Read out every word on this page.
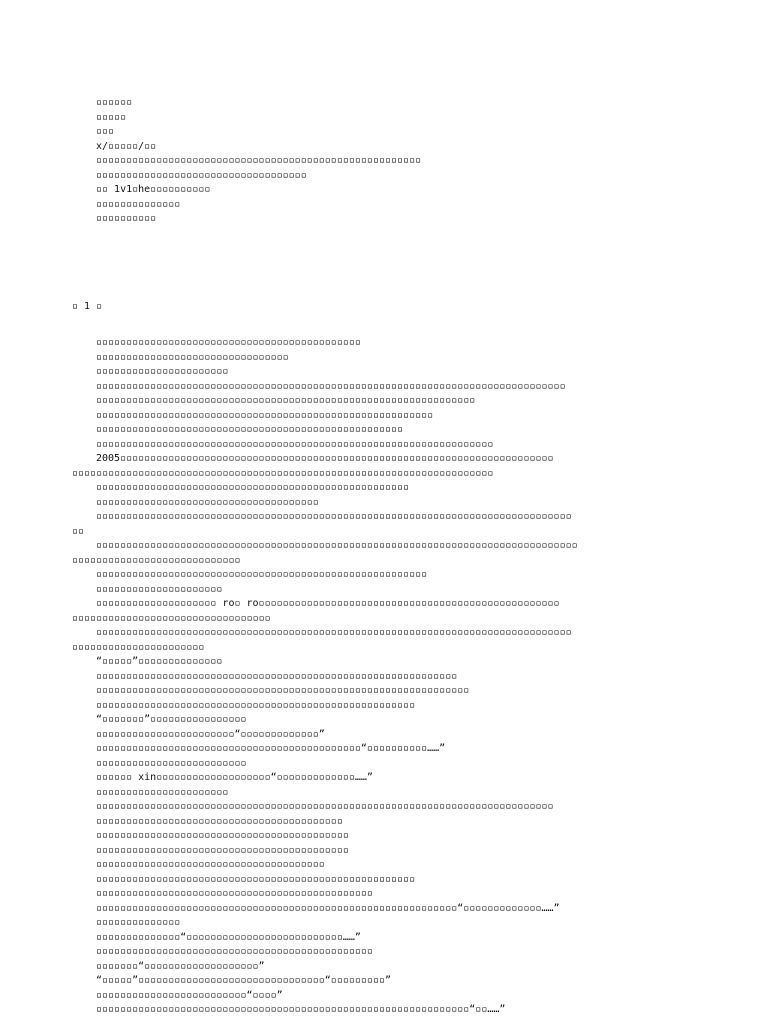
▫▫▫▫▫▫
▫▫▫▫▫
▫▫▫
x/▫▫▫▫▫/▫▫
▫▫▫▫▫▫▫▫▫▫▫▫▫▫▫▫▫▫▫▫▫▫▫▫▫▫▫▫▫▫▫▫▫▫▫▫▫▫▫▫▫▫▫▫▫▫▫▫▫▫▫▫▫▫
▫▫▫▫▫▫▫▫▫▫▫▫▫▫▫▫▫▫▫▫▫▫▫▫▫▫▫▫▫▫▫▫▫▫▫
▫▫ 1v1▫he▫▫▫▫▫▫▫▫▫▫
▫▫▫▫▫▫▫▫▫▫▫▫▫▫
▫▫▫▫▫▫▫▫▫▫

▫ 1 ▫

▫▫▫▫▫▫▫▫▫▫▫▫▫▫▫▫▫▫▫▫▫▫▫▫▫▫▫▫▫▫▫▫▫▫▫▫▫▫▫▫▫▫▫▫
▫▫▫▫▫▫▫▫▫▫▫▫▫▫▫▫▫▫▫▫▫▫▫▫▫▫▫▫▫▫▫▫
▫▫▫▫▫▫▫▫▫▫▫▫▫▫▫▫▫▫▫▫▫▫
▫▫▫▫▫▫▫▫▫▫▫▫▫▫▫▫▫▫▫▫▫▫▫▫▫▫▫▫▫▫▫▫▫▫▫▫▫▫▫▫▫▫▫▫▫▫▫▫▫▫▫▫▫▫▫▫▫▫▫▫▫▫▫▫▫▫▫▫▫▫▫▫▫▫▫▫▫▫
▫▫▫▫▫▫▫▫▫▫▫▫▫▫▫▫▫▫▫▫▫▫▫▫▫▫▫▫▫▫▫▫▫▫▫▫▫▫▫▫▫▫▫▫▫▫▫▫▫▫▫▫▫▫▫▫▫▫▫▫▫▫▫
▫▫▫▫▫▫▫▫▫▫▫▫▫▫▫▫▫▫▫▫▫▫▫▫▫▫▫▫▫▫▫▫▫▫▫▫▫▫▫▫▫▫▫▫▫▫▫▫▫▫▫▫▫▫▫▫
▫▫▫▫▫▫▫▫▫▫▫▫▫▫▫▫▫▫▫▫▫▫▫▫▫▫▫▫▫▫▫▫▫▫▫▫▫▫▫▫▫▫▫▫▫▫▫▫▫▫▫
▫▫▫▫▫▫▫▫▫▫▫▫▫▫▫▫▫▫▫▫▫▫▫▫▫▫▫▫▫▫▫▫▫▫▫▫▫▫▫▫▫▫▫▫▫▫▫▫▫▫▫▫▫▫▫▫▫▫▫▫▫▫▫▫▫▫
2005▫▫▫▫▫▫▫▫▫▫▫▫▫▫▫▫▫▫▫▫▫▫▫▫▫▫▫▫▫▫▫▫▫▫▫▫▫▫▫▫▫▫▫▫▫▫▫▫▫▫▫▫▫▫▫▫▫▫▫▫▫▫▫▫▫▫▫▫▫▫▫▫
▫▫▫▫▫▫▫▫▫▫▫▫▫▫▫▫▫▫▫▫▫▫▫▫▫▫▫▫▫▫▫▫▫▫▫▫▫▫▫▫▫▫▫▫▫▫▫▫▫▫▫▫▫▫▫▫▫▫▫▫▫▫▫▫▫▫▫▫▫▫
▫▫▫▫▫▫▫▫▫▫▫▫▫▫▫▫▫▫▫▫▫▫▫▫▫▫▫▫▫▫▫▫▫▫▫▫▫▫▫▫▫▫▫▫▫▫▫▫▫▫▫▫
▫▫▫▫▫▫▫▫▫▫▫▫▫▫▫▫▫▫▫▫▫▫▫▫▫▫▫▫▫▫▫▫▫▫▫▫▫
▫▫▫▫▫▫▫▫▫▫▫▫▫▫▫▫▫▫▫▫▫▫▫▫▫▫▫▫▫▫▫▫▫▫▫▫▫▫▫▫▫▫▫▫▫▫▫▫▫▫▫▫▫▫▫▫▫▫▫▫▫▫▫▫▫▫▫▫▫▫▫▫▫▫▫▫▫▫▫
▫▫
▫▫▫▫▫▫▫▫▫▫▫▫▫▫▫▫▫▫▫▫▫▫▫▫▫▫▫▫▫▫▫▫▫▫▫▫▫▫▫▫▫▫▫▫▫▫▫▫▫▫▫▫▫▫▫▫▫▫▫▫▫▫▫▫▫▫▫▫▫▫▫▫▫▫▫▫▫▫▫▫
▫▫▫▫▫▫▫▫▫▫▫▫▫▫▫▫▫▫▫▫▫▫▫▫▫▫▫▫
▫▫▫▫▫▫▫▫▫▫▫▫▫▫▫▫▫▫▫▫▫▫▫▫▫▫▫▫▫▫▫▫▫▫▫▫▫▫▫▫▫▫▫▫▫▫▫▫▫▫▫▫▫▫▫
▫▫▫▫▫▫▫▫▫▫▫▫▫▫▫▫▫▫▫▫▫
▫▫▫▫▫▫▫▫▫▫▫▫▫▫▫▫▫▫▫▫ ro▫ ro▫▫▫▫▫▫▫▫▫▫▫▫▫▫▫▫▫▫▫▫▫▫▫▫▫▫▫▫▫▫▫▫▫▫▫▫▫▫▫▫▫▫▫▫▫▫▫▫▫▫
▫▫▫▫▫▫▫▫▫▫▫▫▫▫▫▫▫▫▫▫▫▫▫▫▫▫▫▫▫▫▫▫▫
▫▫▫▫▫▫▫▫▫▫▫▫▫▫▫▫▫▫▫▫▫▫▫▫▫▫▫▫▫▫▫▫▫▫▫▫▫▫▫▫▫▫▫▫▫▫▫▫▫▫▫▫▫▫▫▫▫▫▫▫▫▫▫▫▫▫▫▫▫▫▫▫▫▫▫▫▫▫▫
▫▫▫▫▫▫▫▫▫▫▫▫▫▫▫▫▫▫▫▫▫▫
“▫▫▫▫▫”▫▫▫▫▫▫▫▫▫▫▫▫▫▫
▫▫▫▫▫▫▫▫▫▫▫▫▫▫▫▫▫▫▫▫▫▫▫▫▫▫▫▫▫▫▫▫▫▫▫▫▫▫▫▫▫▫▫▫▫▫▫▫▫▫▫▫▫▫▫▫▫▫▫▫
▫▫▫▫▫▫▫▫▫▫▫▫▫▫▫▫▫▫▫▫▫▫▫▫▫▫▫▫▫▫▫▫▫▫▫▫▫▫▫▫▫▫▫▫▫▫▫▫▫▫▫▫▫▫▫▫▫▫▫▫▫▫
▫▫▫▫▫▫▫▫▫▫▫▫▫▫▫▫▫▫▫▫▫▫▫▫▫▫▫▫▫▫▫▫▫▫▫▫▫▫▫▫▫▫▫▫▫▫▫▫▫▫▫▫▫
“▫▫▫▫▫▫▫”▫▫▫▫▫▫▫▫▫▫▫▫▫▫▫▫
▫▫▫▫▫▫▫▫▫▫▫▫▫▫▫▫▫▫▫▫▫▫▫“▫▫▫▫▫▫▫▫▫▫▫▫▫”
▫▫▫▫▫▫▫▫▫▫▫▫▫▫▫▫▫▫▫▫▫▫▫▫▫▫▫▫▫▫▫▫▫▫▫▫▫▫▫▫▫▫▫▫“▫▫▫▫▫▫▫▫▫▫……”
▫▫▫▫▫▫▫▫▫▫▫▫▫▫▫▫▫▫▫▫▫▫▫▫▫
▫▫▫▫▫▫ xin▫▫▫▫▫▫▫▫▫▫▫▫▫▫▫▫▫▫▫“▫▫▫▫▫▫▫▫▫▫▫▫▫……”
▫▫▫▫▫▫▫▫▫▫▫▫▫▫▫▫▫▫▫▫▫▫
▫▫▫▫▫▫▫▫▫▫▫▫▫▫▫▫▫▫▫▫▫▫▫▫▫▫▫▫▫▫▫▫▫▫▫▫▫▫▫▫▫▫▫▫▫▫▫▫▫▫▫▫▫▫▫▫▫▫▫▫▫▫▫▫▫▫▫▫▫▫▫▫▫▫▫▫
▫▫▫▫▫▫▫▫▫▫▫▫▫▫▫▫▫▫▫▫▫▫▫▫▫▫▫▫▫▫▫▫▫▫▫▫▫▫▫▫▫
▫▫▫▫▫▫▫▫▫▫▫▫▫▫▫▫▫▫▫▫▫▫▫▫▫▫▫▫▫▫▫▫▫▫▫▫▫▫▫▫▫▫
▫▫▫▫▫▫▫▫▫▫▫▫▫▫▫▫▫▫▫▫▫▫▫▫▫▫▫▫▫▫▫▫▫▫▫▫▫▫▫▫▫▫
▫▫▫▫▫▫▫▫▫▫▫▫▫▫▫▫▫▫▫▫▫▫▫▫▫▫▫▫▫▫▫▫▫▫▫▫▫▫
▫▫▫▫▫▫▫▫▫▫▫▫▫▫▫▫▫▫▫▫▫▫▫▫▫▫▫▫▫▫▫▫▫▫▫▫▫▫▫▫▫▫▫▫▫▫▫▫▫▫▫▫▫
▫▫▫▫▫▫▫▫▫▫▫▫▫▫▫▫▫▫▫▫▫▫▫▫▫▫▫▫▫▫▫▫▫▫▫▫▫▫▫▫▫▫▫▫▫▫
▫▫▫▫▫▫▫▫▫▫▫▫▫▫▫▫▫▫▫▫▫▫▫▫▫▫▫▫▫▫▫▫▫▫▫▫▫▫▫▫▫▫▫▫▫▫▫▫▫▫▫▫▫▫▫▫▫▫▫▫“▫▫▫▫▫▫▫▫▫▫▫▫▫……”
▫▫▫▫▫▫▫▫▫▫▫▫▫▫
▫▫▫▫▫▫▫▫▫▫▫▫▫▫“▫▫▫▫▫▫▫▫▫▫▫▫▫▫▫▫▫▫▫▫▫▫▫▫▫▫……”
▫▫▫▫▫▫▫▫▫▫▫▫▫▫▫▫▫▫▫▫▫▫▫▫▫▫▫▫▫▫▫▫▫▫▫▫▫▫▫▫▫▫▫▫▫▫
▫▫▫▫▫▫▫“▫▫▫▫▫▫▫▫▫▫▫▫▫▫▫▫▫▫▫”
“▫▫▫▫▫”▫▫▫▫▫▫▫▫▫▫▫▫▫▫▫▫▫▫▫▫▫▫▫▫▫▫▫▫▫▫▫“▫▫▫▫▫▫▫▫▫”
▫▫▫▫▫▫▫▫▫▫▫▫▫▫▫▫▫▫▫▫▫▫▫▫▫“▫▫▫▫”
▫▫▫▫▫▫▫▫▫▫▫▫▫▫▫▫▫▫▫▫▫▫▫▫▫▫▫▫▫▫▫▫▫▫▫▫▫▫▫▫▫▫▫▫▫▫▫▫▫▫▫▫▫▫▫▫▫▫▫▫▫▫“▫▫……”
